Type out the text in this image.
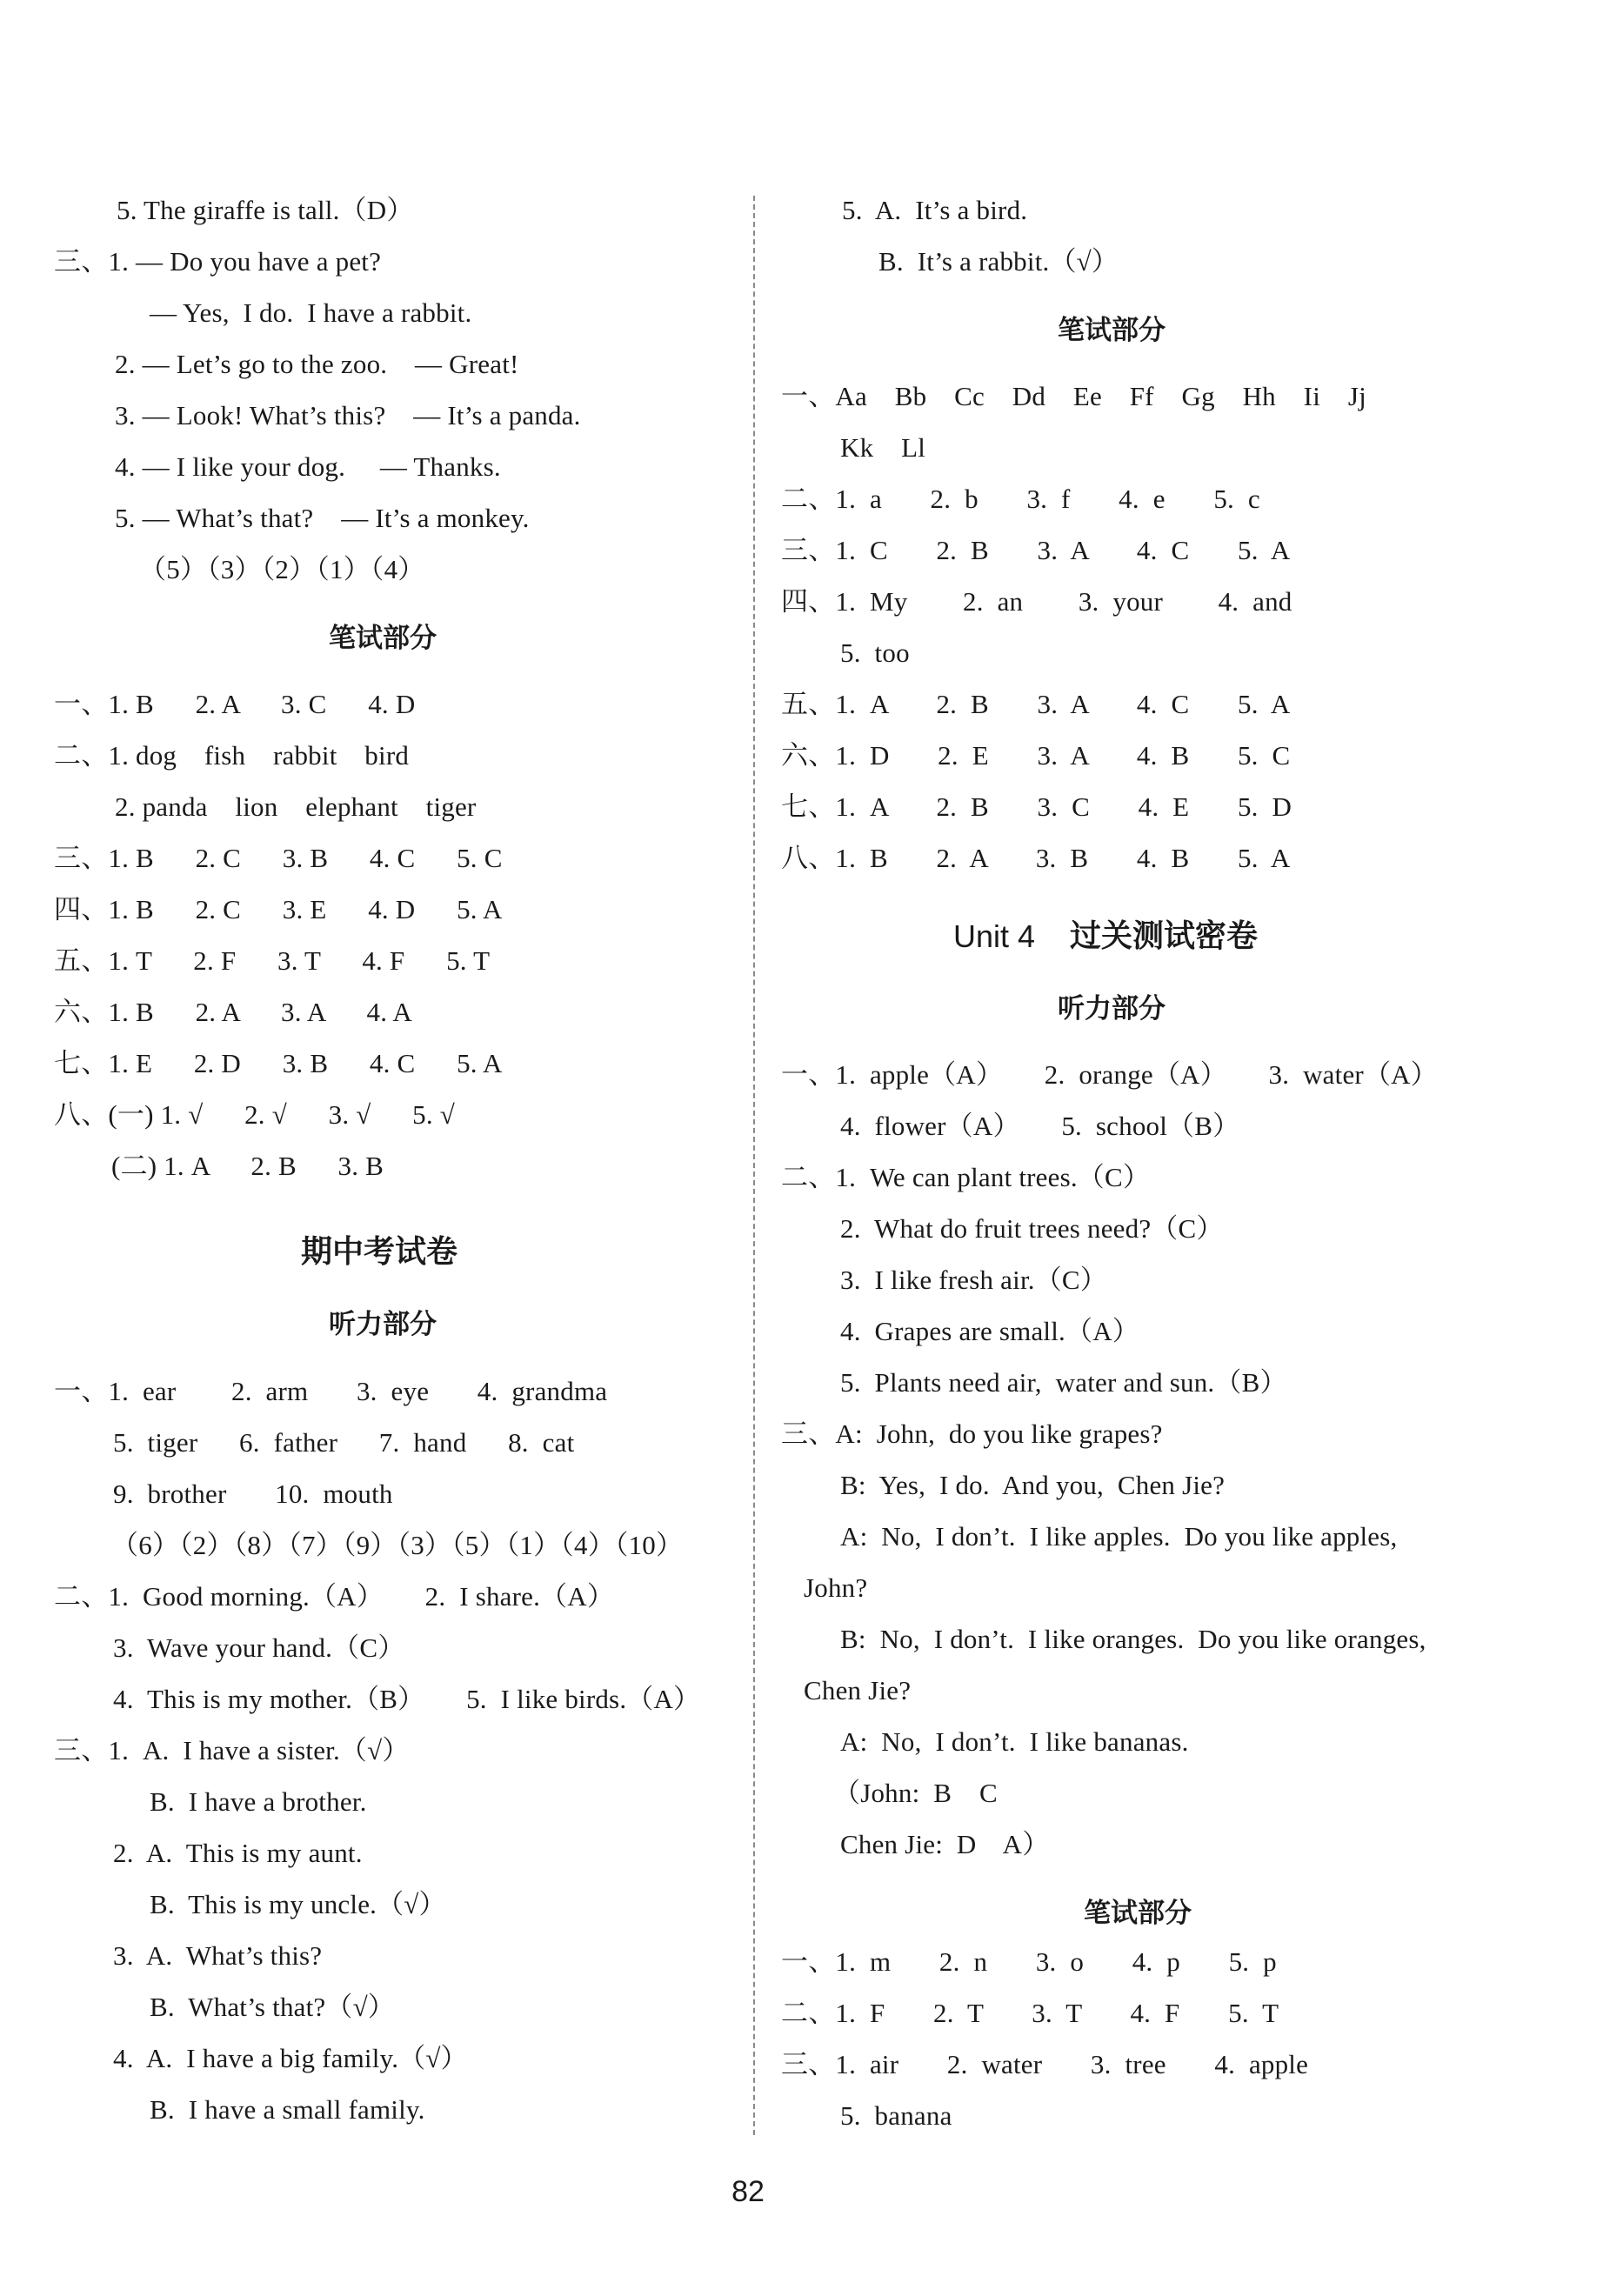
5. The giraffe is tall.（D）
三、1. — Do you have a pet?
— Yes,  I do.  I have a rabbit.
2. — Let’s go to the zoo.    — Great!
3. — Look! What’s this?    — It’s a panda.
4. — I like your dog.     — Thanks.
5. — What’s that?    — It’s a monkey.
（5）（3）（2）（1）（4）
笔试部分
一、1. B      2. A      3. C      4. D
二、1. dog    fish    rabbit    bird
2. panda    lion    elephant    tiger
三、1. B      2. C      3. B      4. C      5. C
四、1. B      2. C      3. E      4. D      5. A
五、1. T      2. F      3. T      4. F      5. T
六、1. B      2. A      3. A      4. A
七、1. E      2. D      3. B      4. C      5. A
八、(一) 1. √      2. √      3. √      5. √
(二) 1. A      2. B      3. B
期中考试卷
听力部分
一、1.  ear        2.  arm       3.  eye       4.  grandma
5.  tiger      6.  father      7.  hand      8.  cat
9.  brother       10.  mouth
（6）（2）（8）（7）（9）（3）（5）（1）（4）（10）
二、1.  Good morning.（A）      2.  I share.（A）
3.  Wave your hand.（C）
4.  This is my mother.（B）      5.  I like birds.（A）
三、1.  A.  I have a sister.（√）
B.  I have a brother.
2.  A.  This is my aunt.
B.  This is my uncle.（√）
3.  A.  What’s this?
B.  What’s that?（√）
4.  A.  I have a big family.（√）
B.  I have a small family.
5.  A.  It’s a bird.
B.  It’s a rabbit.（√）
笔试部分
一、Aa    Bb    Cc    Dd    Ee    Ff    Gg    Hh    Ii    Jj
Kk    Ll
二、1.  a       2.  b       3.  f       4.  e       5.  c
三、1.  C       2.  B       3.  A       4.  C       5.  A
四、1.  My        2.  an        3.  your        4.  and
5.  too
五、1.  A       2.  B       3.  A       4.  C       5.  A
六、1.  D       2.  E       3.  A       4.  B       5.  C
七、1.  A       2.  B       3.  C       4.  E       5.  D
八、1.  B       2.  A       3.  B       4.  B       5.  A
Unit 4 过关测试密卷
听力部分
一、1.  apple（A）      2.  orange（A）      3.  water（A）
4.  flower（A）      5.  school（B）
二、1.  We can plant trees.（C）
2.  What do fruit trees need?（C）
3.  I like fresh air.（C）
4.  Grapes are small.（A）
5.  Plants need air,  water and sun.（B）
三、A:  John,  do you like grapes?
B:  Yes,  I do.  And you,  Chen Jie?
A:  No,  I don’t.  I like apples.  Do you like apples,
John?
B:  No,  I don’t.  I like oranges.  Do you like oranges,
Chen Jie?
A:  No,  I don’t.  I like bananas.
（John:  B    C
Chen Jie:  D    A）
笔试部分
一、1.  m       2.  n       3.  o       4.  p       5.  p
二、1.  F       2.  T       3.  T       4.  F       5.  T
三、1.  air       2.  water       3.  tree       4.  apple
5.  banana
82
